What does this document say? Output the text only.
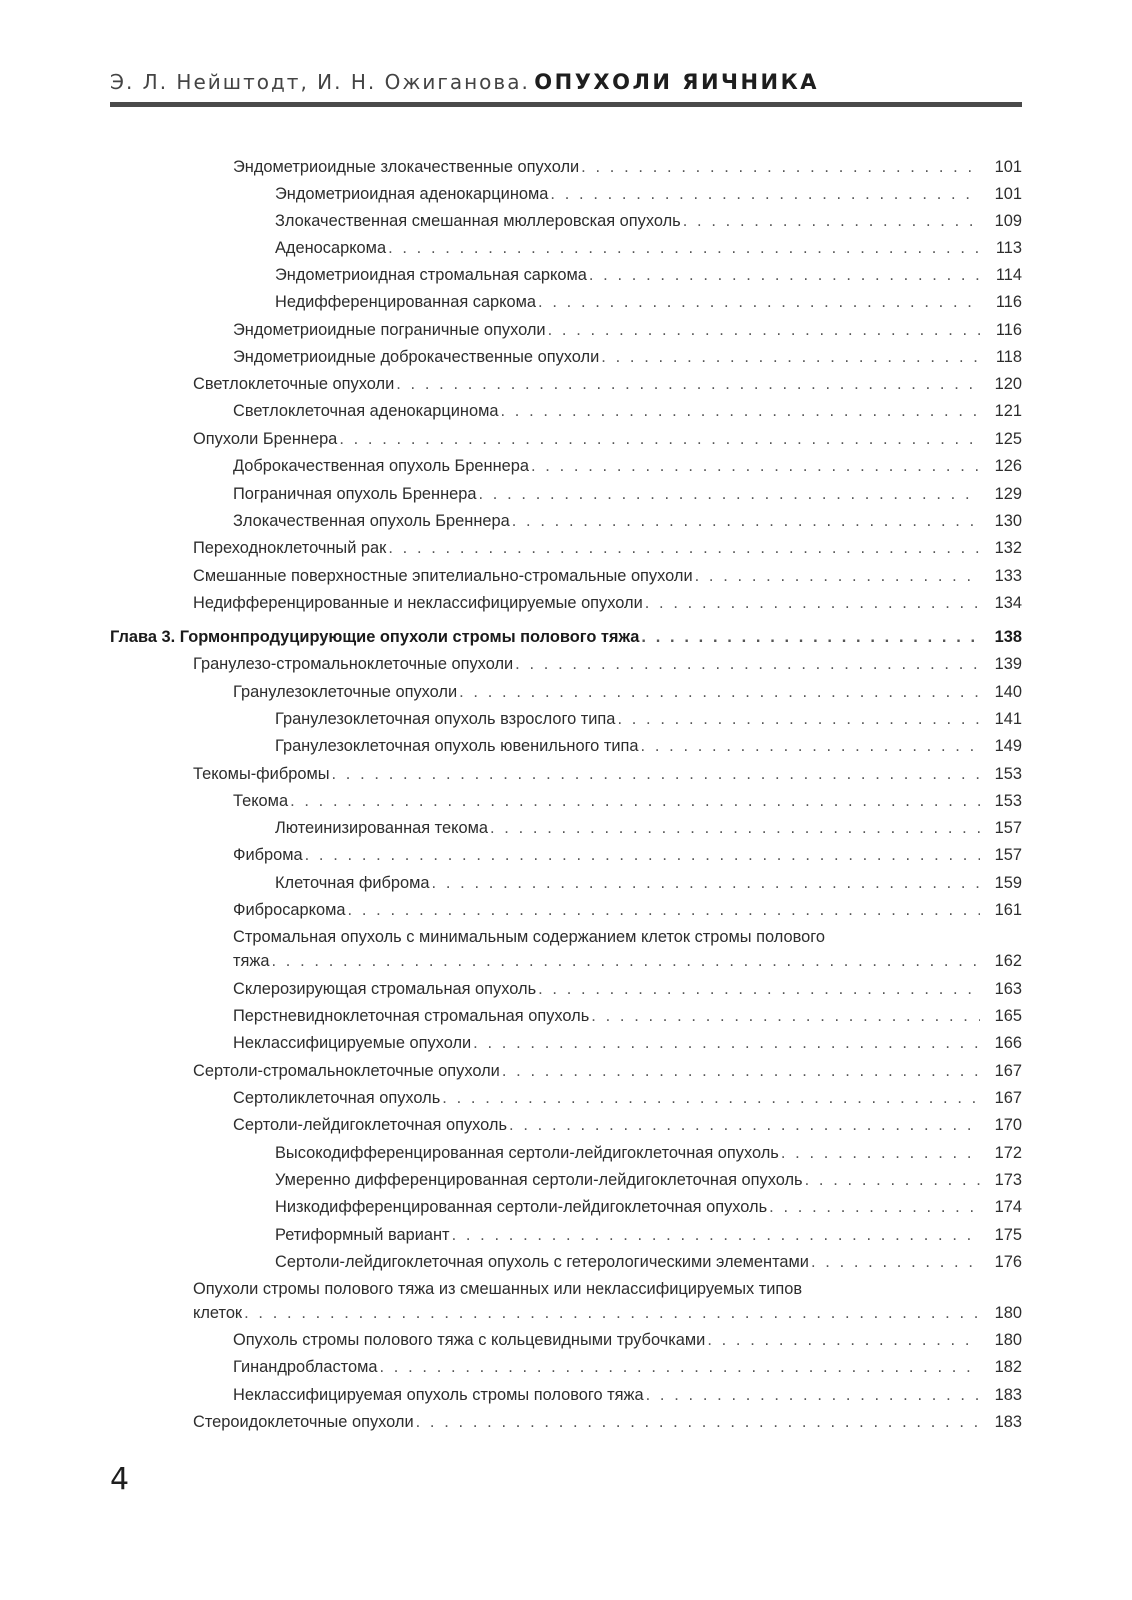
Э. Л. Нейштодт, И. Н. Ожиганова. ОПУХОЛИ ЯИЧНИКА
Эндометриоидные злокачественные опухоли . . .	101
Эндометриоидная аденокарцинома . . .	101
Злокачественная смешанная мюллеровская опухоль . . .	109
Аденосаркома . . .	113
Эндометриоидная стромальная саркома . . .	114
Недифференцированная саркома . . .	116
Эндометриоидные пограничные опухоли . . .	116
Эндометриоидные доброкачественные опухоли . . .	118
Светлоклеточные опухоли . . .	120
Светлоклеточная аденокарцинома . . .	121
Опухоли Бреннера . . .	125
Доброкачественная опухоль Бреннера . . .	126
Пограничная опухоль Бреннера . . .	129
Злокачественная опухоль Бреннера . . .	130
Переходноклеточный рак . . .	132
Смешанные поверхностные эпителиально-стромальные опухоли . . .	133
Недифференцированные и неклассифицируемые опухоли . . .	134
Глава 3. Гормонпродуцирующие опухоли стромы полового тяжа . . .	138
Гранулезо-стромальноклеточные опухоли . . .	139
Гранулезоклеточные опухоли . . .	140
Гранулезоклеточная опухоль взрослого типа . . .	141
Гранулезоклеточная опухоль ювенильного типа . . .	149
Текомы-фибромы . . .	153
Текома . . .	153
Лютеинизированная текома . . .	157
Фиброма . . .	157
Клеточная фиброма . . .	159
Фибросаркома . . .	161
Стромальная опухоль с минимальным содержанием клеток стромы полового
тяжа . . .	162
Склерозирующая стромальная опухоль . . .	163
Перстневидноклеточная стромальная опухоль . . .	165
Неклассифицируемые опухоли . . .	166
Сертоли-стромальноклеточные опухоли . . .	167
Сертоликлеточная опухоль . . .	167
Сертоли-лейдигоклеточная опухоль . . .	170
Высокодифференцированная сертоли-лейдигоклеточная опухоль . . .	172
Умеренно дифференцированная сертоли-лейдигоклеточная опухоль . . .	173
Низкодифференцированная сертоли-лейдигоклеточная опухоль . . .	174
Ретиформный вариант . . .	175
Сертоли-лейдигоклеточная опухоль с гетерологическими элементами . . .	176
Опухоли стромы полового тяжа из смешанных или неклассифицируемых типов
клеток . . .	180
Опухоль стромы полового тяжа с кольцевидными трубочками . . .	180
Гинандробластома . . .	182
Неклассифицируемая опухоль стромы полового тяжа . . .	183
Стероидоклеточные опухоли . . .	183
4
